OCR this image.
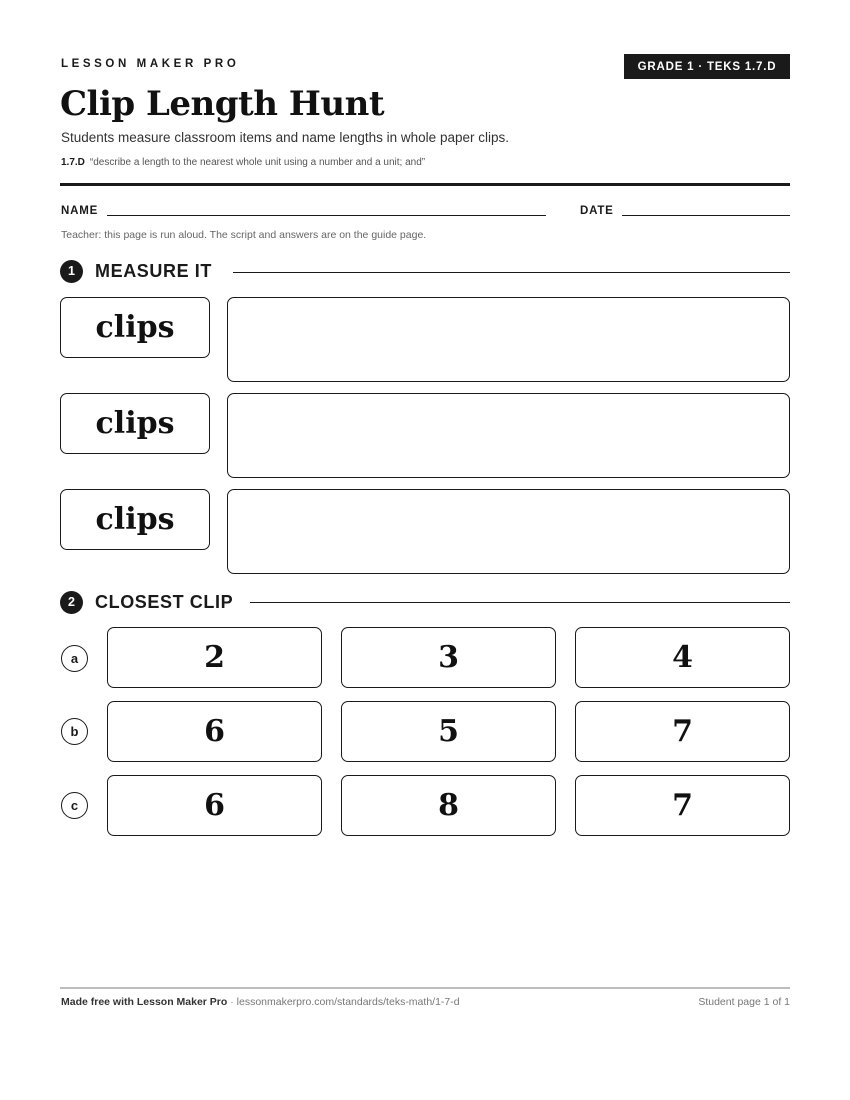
LESSON MAKER PRO	GRADE 1 · TEKS 1.7.D
Clip Length Hunt
Students measure classroom items and name lengths in whole paper clips.
1.7.D “describe a length to the nearest whole unit using a number and a unit; and”
NAME	DATE
Teacher: this page is run aloud. The script and answers are on the guide page.
1	MEASURE IT
clips
clips
clips
2	CLOSEST CLIP
a	2	3	4
b	6	5	7
c	6	8	7
Made free with Lesson Maker Pro · lessonmakerpro.com/standards/teks-math/1-7-d	Student page 1 of 1
